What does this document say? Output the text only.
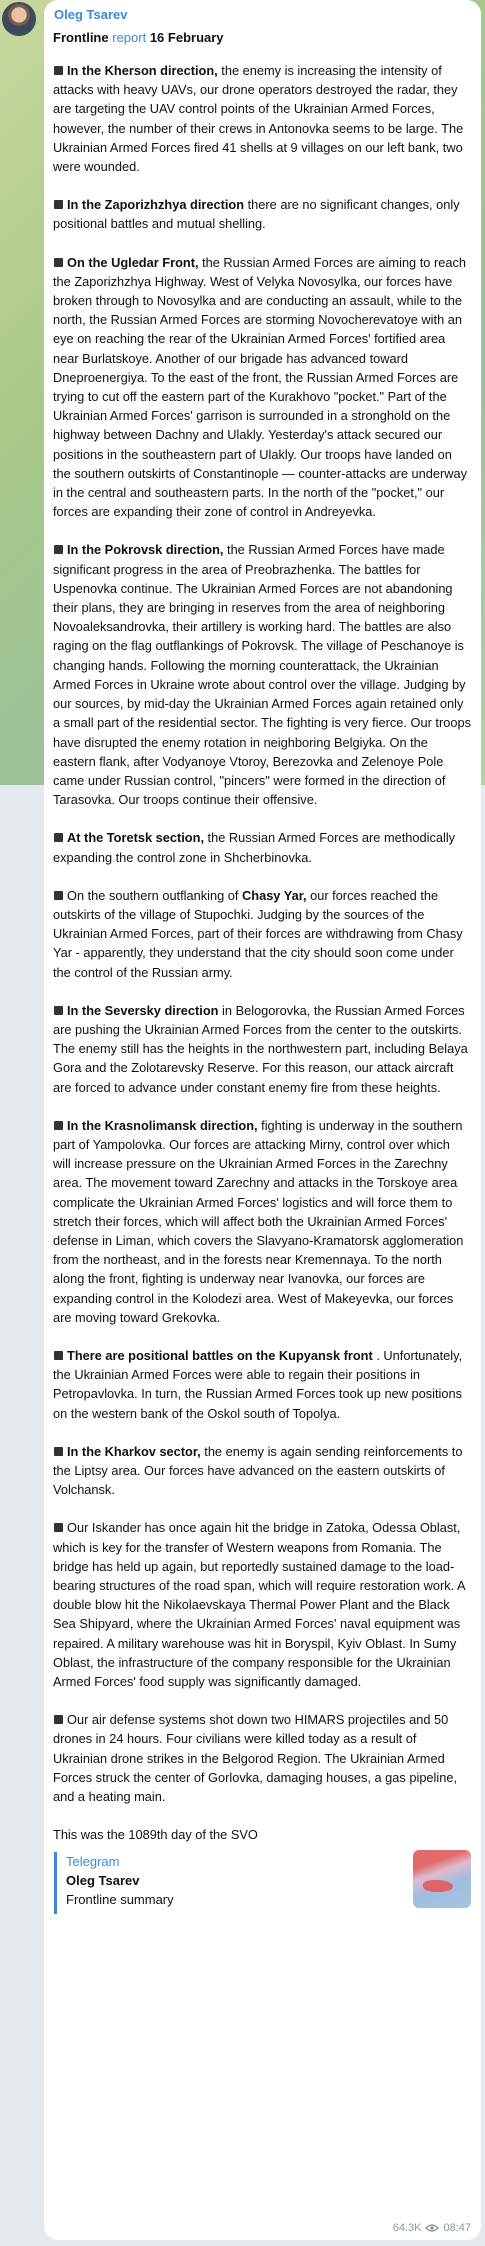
Oleg Tsarev
Frontline report 16 February
In the Kherson direction, the enemy is increasing the intensity of attacks with heavy UAVs, our drone operators destroyed the radar, they are targeting the UAV control points of the Ukrainian Armed Forces, however, the number of their crews in Antonovka seems to be large. The Ukrainian Armed Forces fired 41 shells at 9 villages on our left bank, two were wounded.
In the Zaporizhzhya direction there are no significant changes, only positional battles and mutual shelling.
On the Ugledar Front, the Russian Armed Forces are aiming to reach the Zaporizhzhya Highway. West of Velyka Novosylka, our forces have broken through to Novosylka and are conducting an assault, while to the north, the Russian Armed Forces are storming Novocherevatoye with an eye on reaching the rear of the Ukrainian Armed Forces' fortified area near Burlatskoye. Another of our brigade has advanced toward Dneproenergiya. To the east of the front, the Russian Armed Forces are trying to cut off the eastern part of the Kurakhovo "pocket." Part of the Ukrainian Armed Forces' garrison is surrounded in a stronghold on the highway between Dachny and Ulakly. Yesterday's attack secured our positions in the southeastern part of Ulakly. Our troops have landed on the southern outskirts of Constantinople — counter-attacks are underway in the central and southeastern parts. In the north of the "pocket," our forces are expanding their zone of control in Andreyevka.
In the Pokrovsk direction, the Russian Armed Forces have made significant progress in the area of Preobrazhenka. The battles for Uspenovka continue. The Ukrainian Armed Forces are not abandoning their plans, they are bringing in reserves from the area of neighboring Novoaleksandrovka, their artillery is working hard. The battles are also raging on the flag outflankings of Pokrovsk. The village of Peschanoye is changing hands. Following the morning counterattack, the Ukrainian Armed Forces in Ukraine wrote about control over the village. Judging by our sources, by mid-day the Ukrainian Armed Forces again retained only a small part of the residential sector. The fighting is very fierce. Our troops have disrupted the enemy rotation in neighboring Belgiyka. On the eastern flank, after Vodyanoye Vtoroy, Berezovka and Zelenoye Pole came under Russian control, "pincers" were formed in the direction of Tarasovka. Our troops continue their offensive.
At the Toretsk section, the Russian Armed Forces are methodically expanding the control zone in Shcherbinovka.
On the southern outflanking of Chasy Yar, our forces reached the outskirts of the village of Stupochki. Judging by the sources of the Ukrainian Armed Forces, part of their forces are withdrawing from Chasy Yar - apparently, they understand that the city should soon come under the control of the Russian army.
In the Seversky direction in Belogorovka, the Russian Armed Forces are pushing the Ukrainian Armed Forces from the center to the outskirts. The enemy still has the heights in the northwestern part, including Belaya Gora and the Zolotarevsky Reserve. For this reason, our attack aircraft are forced to advance under constant enemy fire from these heights.
In the Krasnolimansk direction, fighting is underway in the southern part of Yampolovka. Our forces are attacking Mirny, control over which will increase pressure on the Ukrainian Armed Forces in the Zarechny area. The movement toward Zarechny and attacks in the Torskoye area complicate the Ukrainian Armed Forces' logistics and will force them to stretch their forces, which will affect both the Ukrainian Armed Forces' defense in Liman, which covers the Slavyano-Kramatorsk agglomeration from the northeast, and in the forests near Kremennaya. To the north along the front, fighting is underway near Ivanovka, our forces are expanding control in the Kolodezi area. West of Makeyevka, our forces are moving toward Grekovka.
There are positional battles on the Kupyansk front . Unfortunately, the Ukrainian Armed Forces were able to regain their positions in Petropavlovka. In turn, the Russian Armed Forces took up new positions on the western bank of the Oskol south of Topolya.
In the Kharkov sector, the enemy is again sending reinforcements to the Liptsy area. Our forces have advanced on the eastern outskirts of Volchansk.
Our Iskander has once again hit the bridge in Zatoka, Odessa Oblast, which is key for the transfer of Western weapons from Romania. The bridge has held up again, but reportedly sustained damage to the load-bearing structures of the road span, which will require restoration work. A double blow hit the Nikolaevskaya Thermal Power Plant and the Black Sea Shipyard, where the Ukrainian Armed Forces' naval equipment was repaired. A military warehouse was hit in Boryspil, Kyiv Oblast. In Sumy Oblast, the infrastructure of the company responsible for the Ukrainian Armed Forces' food supply was significantly damaged.
Our air defense systems shot down two HIMARS projectiles and 50 drones in 24 hours. Four civilians were killed today as a result of Ukrainian drone strikes in the Belgorod Region. The Ukrainian Armed Forces struck the center of Gorlovka, damaging houses, a gas pipeline, and a heating main.
This was the 1089th day of the SVO
Telegram
Oleg Tsarev
Frontline summary
64.3K 08:47
